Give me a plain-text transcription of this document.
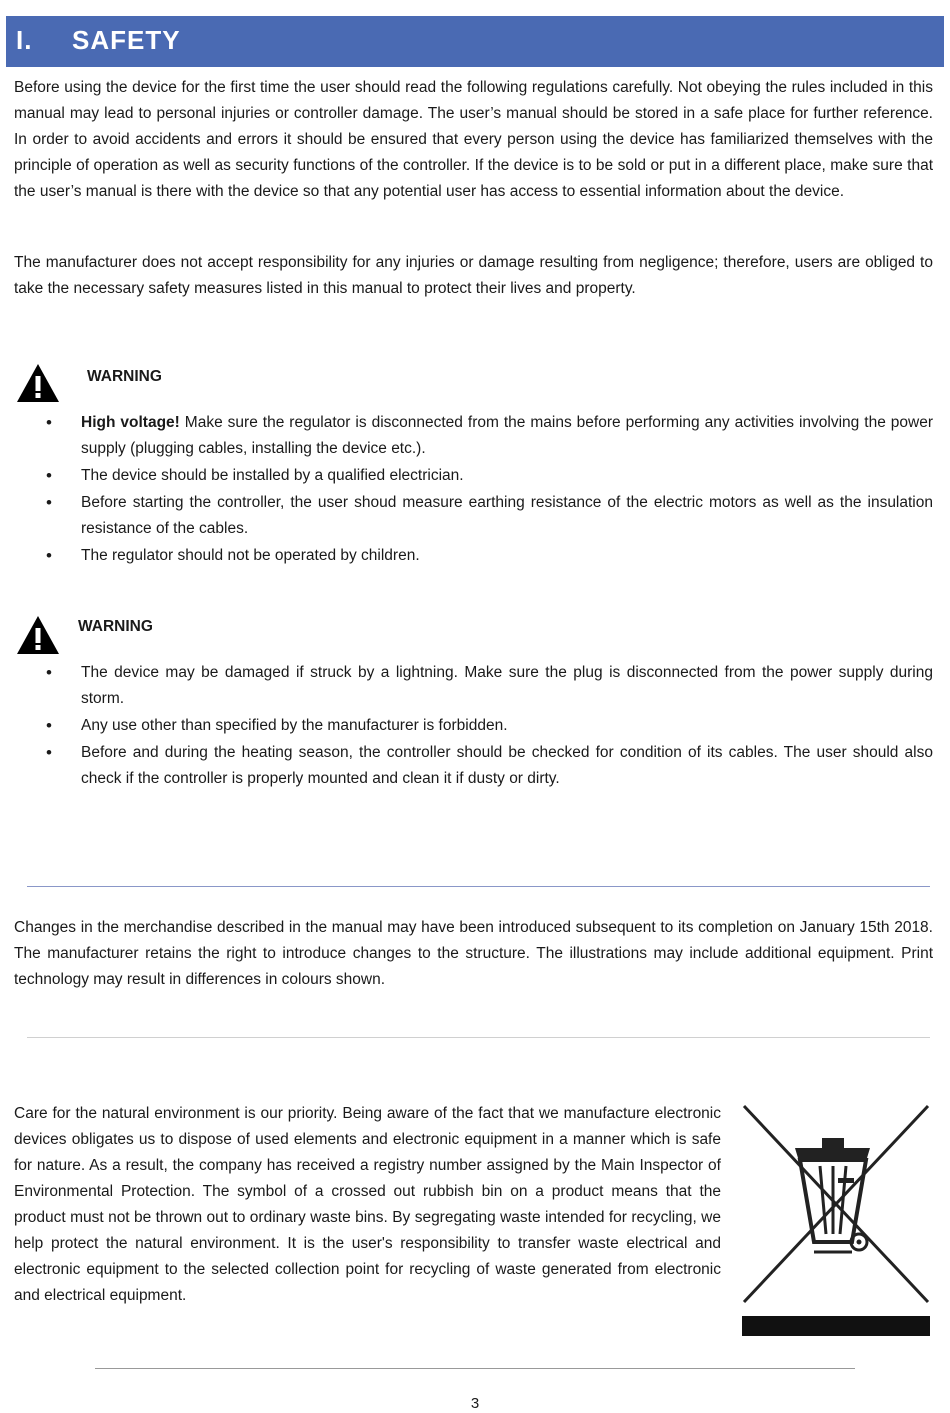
I. SAFETY

Before using the device for the first time the user should read the following regulations carefully. Not obeying the rules included in this manual may lead to personal injuries or controller damage. The user’s manual should be stored in a safe place for further reference. In order to avoid accidents and errors it should be ensured that every person using the device has familiarized themselves with the principle of operation as well as security functions of the controller. If the device is to be sold or put in a different place, make sure that the user’s manual is there with the device so that any potential user has access to essential information about the device.

The manufacturer does not accept responsibility for any injuries or damage resulting from negligence; therefore, users are obliged to take the necessary safety measures listed in this manual to protect their lives and property.

WARNING
• High voltage! Make sure the regulator is disconnected from the mains before performing any activities involving the power supply (plugging cables, installing the device etc.).
• The device should be installed by a qualified electrician.
• Before starting the controller, the user shoud measure earthing resistance of the electric motors as well as the insulation resistance of the cables.
• The regulator should not be operated by children.
WARNING
• The device may be damaged if struck by a lightning. Make sure the plug is disconnected from the power supply during storm.
• Any use other than specified by the manufacturer is forbidden.
• Before and during the heating season, the controller should be checked for condition of its cables. The user should also check if the controller is properly mounted and clean it if dusty or dirty.

Changes in the merchandise described in the manual may have been introduced subsequent to its completion on January 15th 2018. The manufacturer retains the right to introduce changes to the structure. The illustrations may include additional equipment. Print technology may result in differences in colours shown.

Care for the natural environment is our priority. Being aware of the fact that we manufacture electronic devices obligates us to dispose of used elements and electronic equipment in a manner which is safe for nature. As a result, the company has received a registry number assigned by the Main Inspector of Environmental Protection. The symbol of a crossed out rubbish bin on a product means that the product must not be thrown out to ordinary waste bins. By segregating waste intended for recycling, we help protect the natural environment. It is the user's responsibility to transfer waste electrical and electronic equipment to the selected collection point for recycling of waste generated from electronic and electrical equipment.

3
